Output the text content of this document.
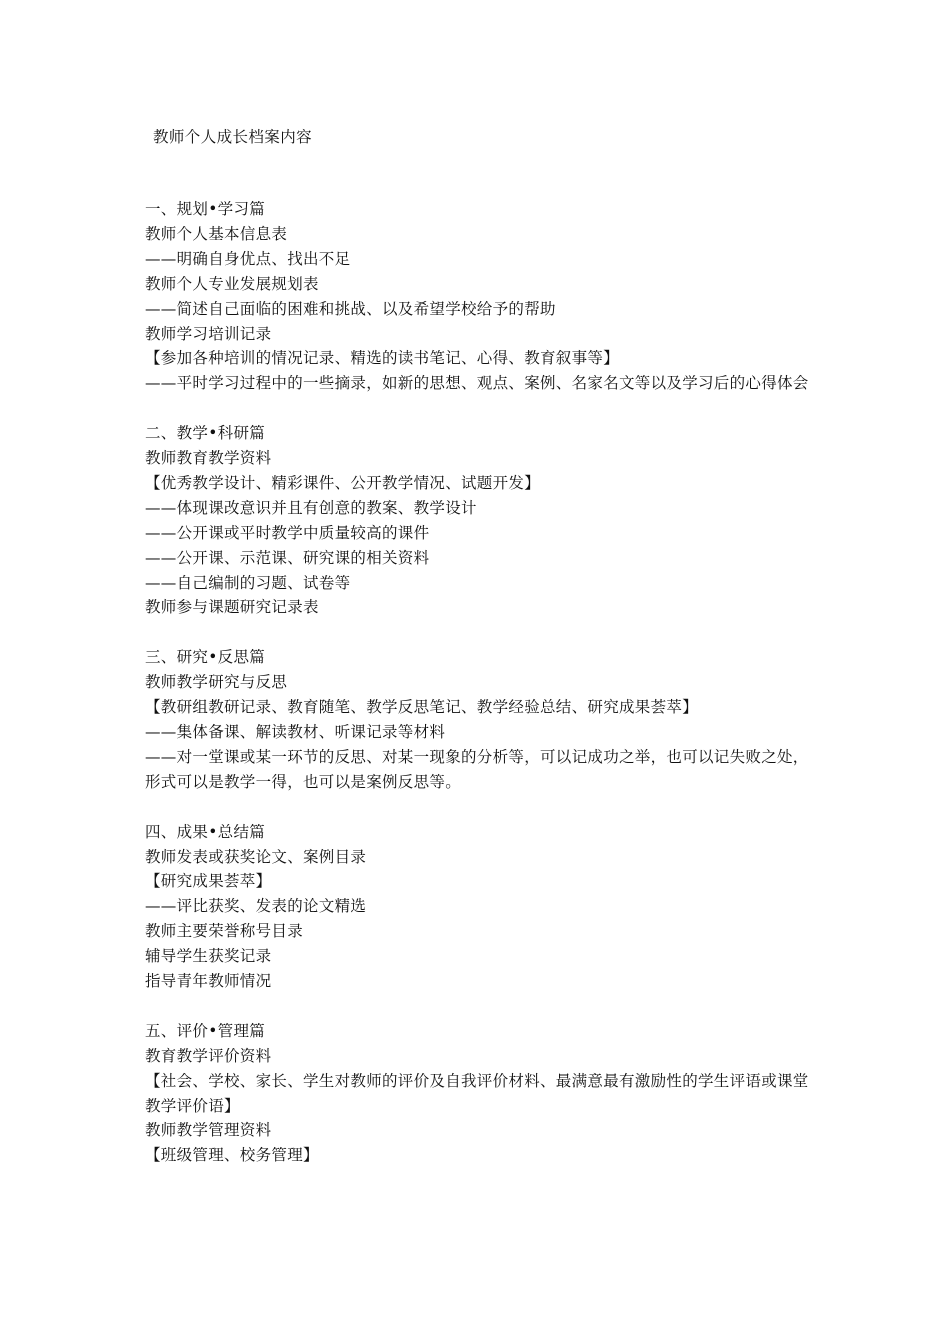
教师个人成长档案内容
一、规划•学习篇
教师个人基本信息表
——明确自身优点、找出不足
教师个人专业发展规划表
——简述自己面临的困难和挑战、以及希望学校给予的帮助
教师学习培训记录
【参加各种培训的情况记录、精选的读书笔记、心得、教育叙事等】
——平时学习过程中的一些摘录，如新的思想、观点、案例、名家名文等以及学习后的心得体会
二、教学•科研篇
教师教育教学资料
【优秀教学设计、精彩课件、公开教学情况、试题开发】
——体现课改意识并且有创意的教案、教学设计
——公开课或平时教学中质量较高的课件
——公开课、示范课、研究课的相关资料
——自己编制的习题、试卷等
教师参与课题研究记录表
三、研究•反思篇
教师教学研究与反思
【教研组教研记录、教育随笔、教学反思笔记、教学经验总结、研究成果荟萃】
——集体备课、解读教材、听课记录等材料
——对一堂课或某一环节的反思、对某一现象的分析等，可以记成功之举，也可以记失败之处，形式可以是教学一得，也可以是案例反思等。
四、成果•总结篇
教师发表或获奖论文、案例目录
【研究成果荟萃】
——评比获奖、发表的论文精选
教师主要荣誉称号目录
辅导学生获奖记录
指导青年教师情况
五、评价•管理篇
教育教学评价资料
【社会、学校、家长、学生对教师的评价及自我评价材料、最满意最有激励性的学生评语或课堂教学评价语】
教师教学管理资料
【班级管理、校务管理】
